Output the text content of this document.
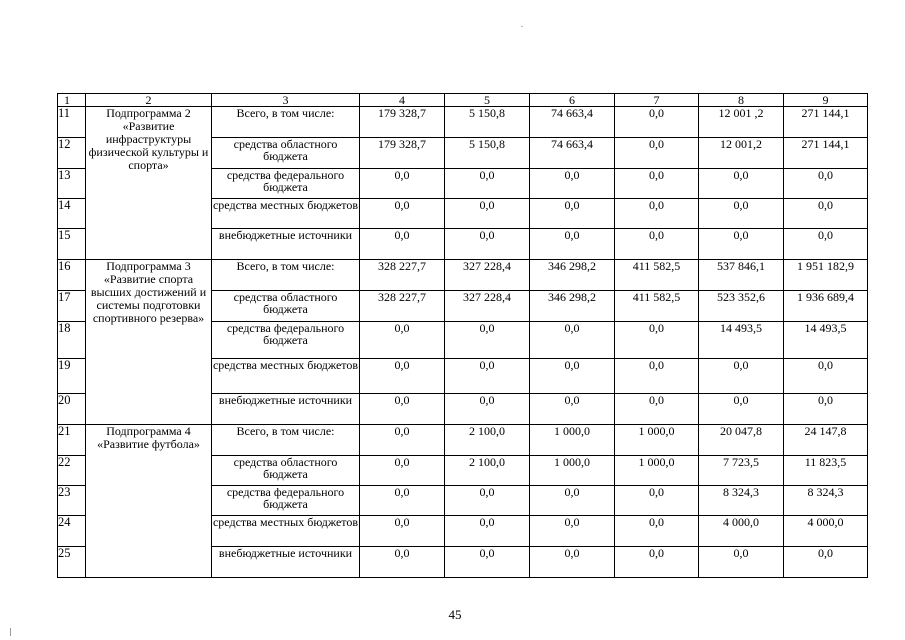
1	2	3	4	5	6	7	8	9
11	Подпрограмма 2 «Развитие инфраструктуры физической культуры и спорта»	Всего, в том числе:	179 328,7	5 150,8	74 663,4	0,0	12 001 ,2	271 144,1
12		средства областного бюджета	179 328,7	5 150,8	74 663,4	0,0	12 001,2	271 144,1
13		средства федерального бюджета	0,0	0,0	0,0	0,0	0,0	0,0
14		средства местных бюджетов	0,0	0,0	0,0	0,0	0,0	0,0
15		внебюджетные источники	0,0	0,0	0,0	0,0	0,0	0,0
16	Подпрограмма 3 «Развитие спорта высших достижений и системы подготовки спортивного резерва»	Всего, в том числе:	328 227,7	327 228,4	346 298,2	411 582,5	537 846,1	1 951 182,9
17		средства областного бюджета	328 227,7	327 228,4	346 298,2	411 582,5	523 352,6	1 936 689,4
18		средства федерального бюджета	0,0	0,0	0,0	0,0	14 493,5	14 493,5
19		средства местных бюджетов	0,0	0,0	0,0	0,0	0,0	0,0
20		внебюджетные источники	0,0	0,0	0,0	0,0	0,0	0,0
21	Подпрограмма 4 «Развитие футбола»	Всего, в том числе:	0,0	2 100,0	1 000,0	1 000,0	20 047,8	24 147,8
22		средства областного бюджета	0,0	2 100,0	1 000,0	1 000,0	7 723,5	11 823,5
23		средства федерального бюджета	0,0	0,0	0,0	0,0	8 324,3	8 324,3
24		средства местных бюджетов	0,0	0,0	0,0	0,0	4 000,0	4 000,0
25		внебюджетные источники	0,0	0,0	0,0	0,0	0,0	0,0
45
